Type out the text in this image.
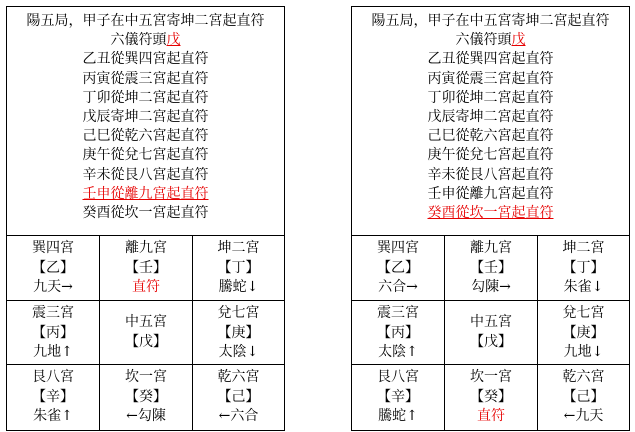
陽五局，甲子在中五宮寄坤二宮起直符
六儀符頭戊
乙丑從巽四宮起直符
丙寅從震三宮起直符
丁卯從坤二宮起直符
戊辰寄坤二宮起直符
己巳從乾六宮起直符
庚午從兌七宮起直符
辛未從艮八宮起直符
壬申從離九宮起直符
癸酉從坎一宮起直符
巽四宮
【乙】
九天→
離九宮
【壬】
直符
坤二宮
【丁】
騰蛇↓
震三宮
【丙】
九地↑
中五宮
【戊】
兌七宮
【庚】
太陰↓
艮八宮
【辛】
朱雀↑
坎一宮
【癸】
←勾陳
乾六宮
【己】
←六合
陽五局，甲子在中五宮寄坤二宮起直符
六儀符頭戊
乙丑從巽四宮起直符
丙寅從震三宮起直符
丁卯從坤二宮起直符
戊辰寄坤二宮起直符
己巳從乾六宮起直符
庚午從兌七宮起直符
辛未從艮八宮起直符
壬申從離九宮起直符
癸酉從坎一宮起直符
巽四宮
【乙】
六合→
離九宮
【壬】
勾陳→
坤二宮
【丁】
朱雀↓
震三宮
【丙】
太陰↑
中五宮
【戊】
兌七宮
【庚】
九地↓
艮八宮
【辛】
騰蛇↑
坎一宮
【癸】
直符
乾六宮
【己】
←九天
